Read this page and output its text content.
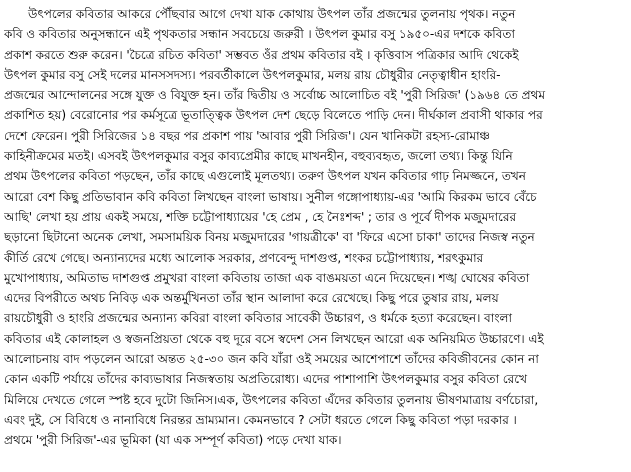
উৎপলের কবিতার আকরে পৌঁছবার আগে দেখা যাক কোথায় উৎপল তাঁর প্রজন্মের তুলনায় পৃথক। নতুন
কবি ও কবিতার অনুসন্ধানে এই পৃথকতার সন্ধান সবচেয়ে জরুরী । উৎপল কুমার বসু ১৯৫০-এর দশকে কবিতা
প্রকাশ করতে শুরু করেন। 'চৈত্রে রচিত কবিতা' সম্ভবত ওঁর প্রথম কবিতার বই । কৃত্তিবাস পত্রিকার আদি থেকেই
উৎপল কুমার বসু সেই দলের মানসসদস্য। পরবর্তীকালে উৎপলকুমার, মলয় রায় চৌধুরীর নেতৃত্বাধীন হাংরি-
প্রজন্মের আন্দোলনের সঙ্গে যুক্ত ও বিযুক্ত হন। তাঁর দ্বিতীয় ও সর্বোচ্চ আলোচিত বই 'পুরী সিরিজ' (১৯৬৪ তে প্রথম
প্রকাশিত হয়) বেরোনোর পর কর্মসূত্রে ভূতাত্ত্বিক উৎপল দেশ ছেড়ে বিলেতে পাড়ি দেন। দীর্ঘকাল প্রবাসী থাকার পর
দেশে ফেরেন। পুরী সিরিজের ১৪ বছর পর প্রকাশ পায় 'আবার পুরী সিরিজ'। যেন খানিকটা রহস্য-রোমাঞ্চ
কাহিনীক্রমের মতই। এসবই উৎপলকুমার বসুর কাব্যপ্রেমীর কাছে মাখনহীন, বহুব্যবহৃত, জলো তথ্য। কিন্তু যিনি
প্রথম উৎপলের কবিতা পড়ছেন, তাঁর কাছে এগুলোই মূলতথ্য। তরুণ উৎপল যখন কবিতার গাঢ় নিমজ্জনে, তখন
আরো বেশ কিছু প্রতিভাবান কবি কবিতা লিখছেন বাংলা ভাষায়। সুনীল গঙ্গোপাধ্যায়-এর 'আমি কিরকম ভাবে বেঁচে
আছি' লেখা হয় প্রায় একই সময়ে, শক্তি চট্টোপাধ্যায়ের 'হে প্রেম , হে নৈঃশব্দ' ; তার ও পূর্বে দীপক মজুমদারের
ছড়ানো ছিটানো অনেক লেখা, সমসাময়িক বিনয় মজুমদারের 'গায়ত্রীকে' বা 'ফিরে এসো চাকা' তাদের নিজস্ব নতুন
কীর্তি রেখে গেছে। অন্যান্যদের মধ্যে আলোক সরকার, প্রণবেন্দু দাশগুপ্ত, শংকর চট্টোপাধ্যায়, শরৎকুমার
মুখোপাধ্যায়, অমিতাভ দাশগুপ্ত প্রমুখরা বাংলা কবিতায় তাজা এক বাঙময়তা এনে দিয়েছেন। শঙ্খ ঘোষের কবিতা
এদের বিপরীতে অথচ নিবিড় এক অন্তর্মুখিনতা তাঁর স্থান আলাদা করে রেখেছে। কিছু পরে তুষার রায়, মলয়
রায়চৌধুরী ও হাংরি প্রজন্মের অন্যান্য কবিরা বাংলা কবিতার সাবেকী উচ্চারণ, ও ধর্মকে হত্যা করেছেন। বাংলা
কবিতার এই কোলাহল ও স্বজনপ্রিয়তা থেকে বহু দূরে বসে স্বদেশ সেন লিখছেন আরো এক অনিয়মিত উচ্চারণে। এই
আলোচনায় বাদ পড়লেন আরো অন্তত ২৫-৩০ জন কবি যাঁরা ওই সময়ের আশেপাশে তাঁদের কবিজীবনের কোন না
কোন একটি পর্যায়ে তাঁদের কাব্যভাষার নিজস্বতায় অপ্রতিরোধ্য। এদের পাশাপাশি উৎপলকুমার বসুর কবিতা রেখে
মিলিয়ে দেখতে গেলে স্পষ্ট হবে দুটো জিনিস।এক, উৎপলের কবিতা এঁদের কবিতার তুলনায় ভীষণমাত্রায় বর্ণচোরা,
এবং দুই, সে বিবিধে ও নানাবিধে নিরন্তর ভ্রাম্যমান। কেমনভাবে ? সেটা ধরতে গেলে কিছু কবিতা পড়া দরকার ।
প্রথমে 'পুরী সিরিজ'-এর ভূমিকা (যা এক সম্পূর্ণ কবিতা) পড়ে দেখা যাক।
